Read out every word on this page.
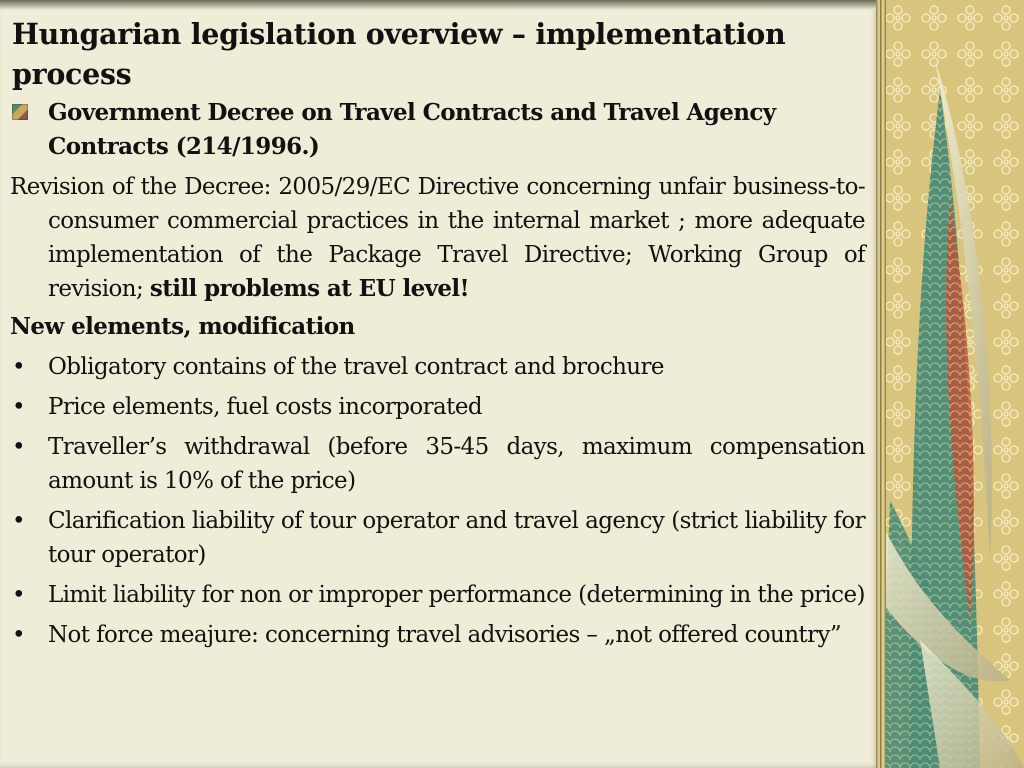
Hungarian legislation overview – implementation process
Government Decree on Travel Contracts and Travel Agency Contracts (214/1996.)
Revision of the Decree: 2005/29/EC Directive concerning unfair business-to-consumer commercial practices in the internal market ; more adequate implementation of the Package Travel Directive; Working Group of revision; still problems at EU level!
New elements, modification
• Obligatory contains of the travel contract and brochure
• Price elements, fuel costs incorporated
• Traveller’s withdrawal (before 35-45 days, maximum compensation amount is 10% of the price)
• Clarification liability of tour operator and travel agency (strict liability for tour operator)
• Limit liability for non or improper performance (determining in the price)
• Not force meajure: concerning travel advisories – „not offered country”
